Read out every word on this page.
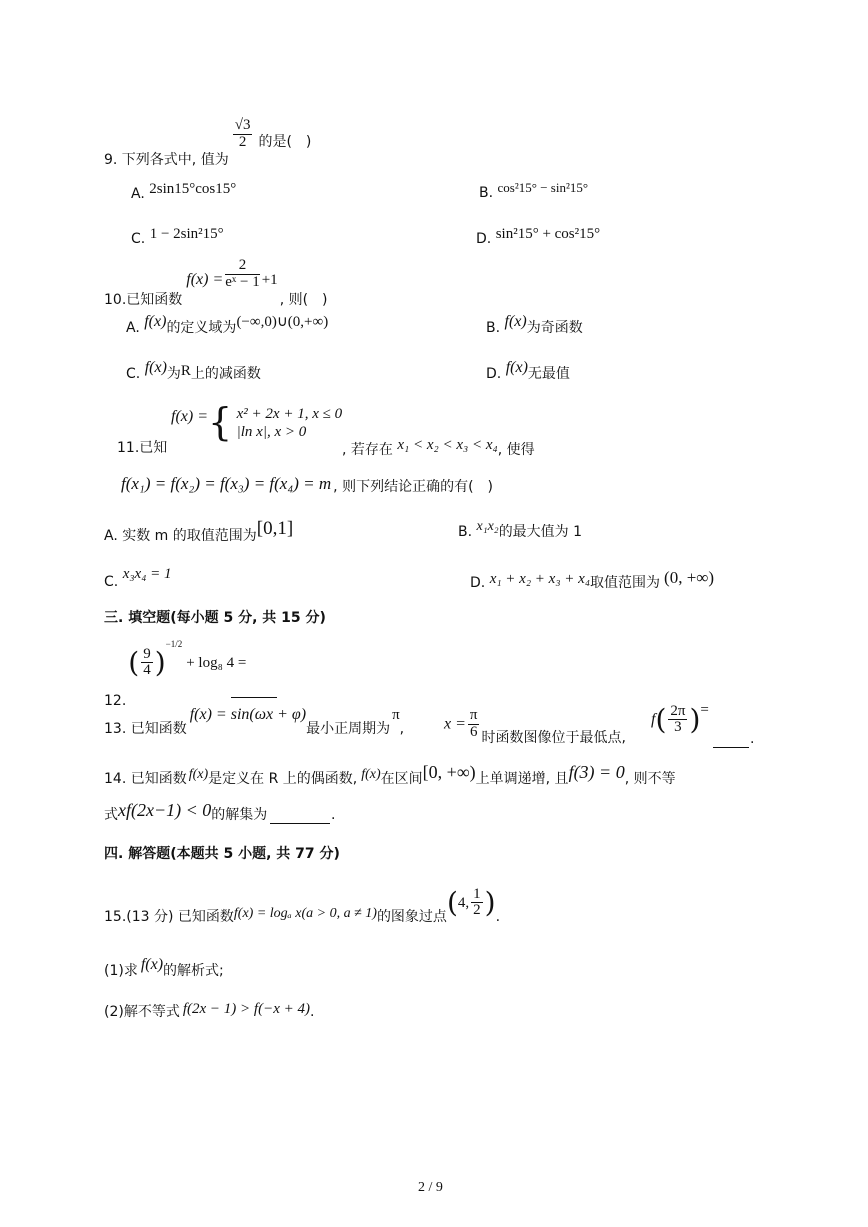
9. 下列各式中, 值为
$\frac{√3}{2}$ 的是(　)
A. 2sin15°cos15°	B. cos²15° − sin²15°
C. 1 − 2sin²15°	D. sin²15° + cos²15°
10.已知函数$f(x) = \frac{2}{\text{eˣ − 1}} +1$, 则(　)
A. f(x)的定义域为(−∞,0)∪(0,+∞)	B. f(x)为奇函数
C. f(x)为R上的减函数	D. f(x)无最值
11.已知
f(x) ={ x² + 2x + 1, x ≤ 0
|ln x|, x > 0
, 若存在 x₁ < x₂ < x₃ < x₄, 使得
f(x₁) = f(x₂) = f(x₃) = f(x₄) = m , 则下列结论正确的有(　)
A. 实数 m 的取值范围为[0,1]	B. x₁x₂的最大值为 1
C. x₃x₄ = 1
D. x₁ + x₂ + x₃ + x₄取值范围为 (0, +∞)
三. 填空题(每小题 5 分, 共 15 分)
$12.( \frac{9}{4} )^{-1/2}+ \log_8$ 4 =
13. 已知函数f(x) = sin(ωx + φ)最小正周期为π, $x = \frac{\pi}{6}$ 时函数图像位于最低点,
$f( \frac{2\pi}{3}$ )=
.
14. 已知函数 f(x)是定义在 R 上的偶函数, f(x)在区间[0, +∞)上单调递增, 且f(3) = 0, 则不等
式xf(2x−1) < 0的解集为	.
四. 解答题(本题共 5 小题, 共 77 分)
15.(13 分) 已知函数f(x) = logₐ x(a > 0, a ≠ 1)的图象过点(4, $\frac{1}{2}$ ).
(1)求 f(x)的解析式;
(2)解不等式 f(2x − 1) > f(−x + 4).
2 / 9
